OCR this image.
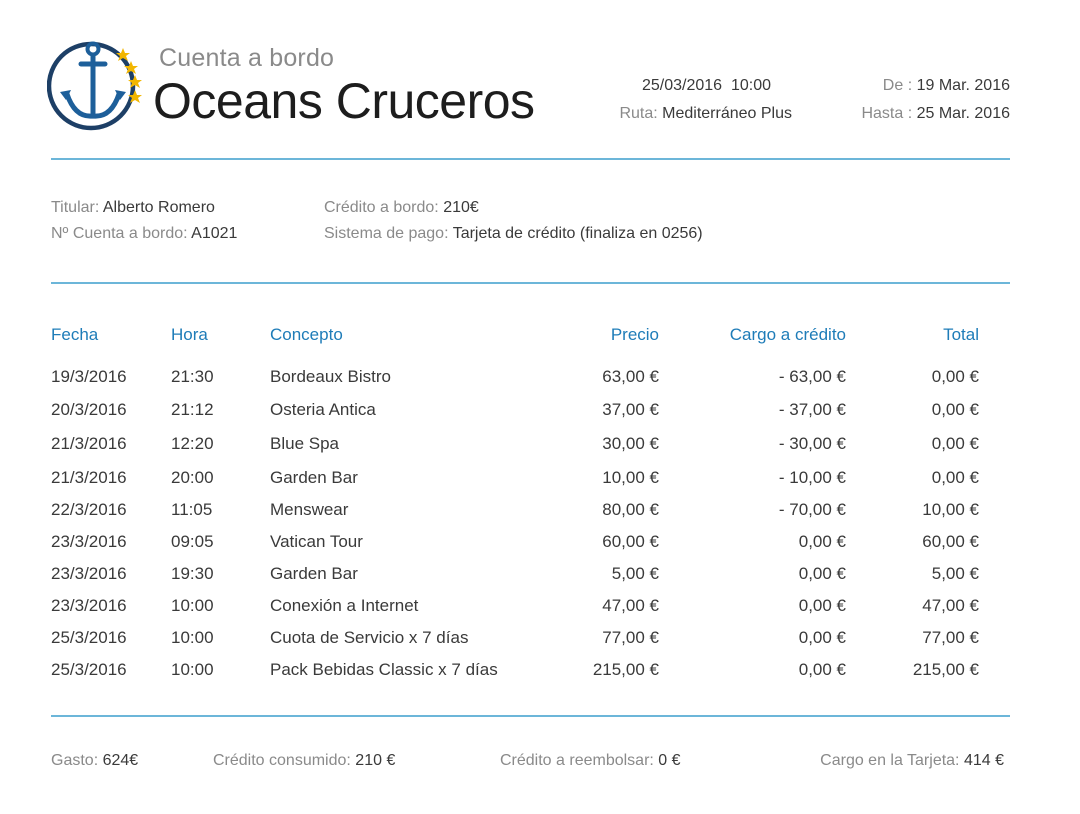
Cuenta a bordo
Oceans Cruceros	25/03/2016  10:00
Ruta: Mediterráneo Plus
De : 19 Mar. 2016
Hasta : 25 Mar. 2016
Titular: Alberto Romero
Nº Cuenta a bordo: A1021
Crédito a bordo: 210€
Sistema de pago: Tarjeta de crédito (finaliza en 0256)
Fecha	Hora	Concepto	Precio	Cargo a crédito	Total
19/3/2016	21:30	Bordeaux Bistro	63,00 €	- 63,00 €	0,00 €
20/3/2016	21:12	Osteria Antica	37,00 €	- 37,00 €	0,00 €
21/3/2016	12:20	Blue Spa	30,00 €	- 30,00 €	0,00 €
21/3/2016	20:00	Garden Bar	10,00 €	- 10,00 €	0,00 €
22/3/2016	11:05	Menswear	80,00 €	- 70,00 €	10,00 €
23/3/2016	09:05	Vatican Tour	60,00 €	0,00 €	60,00 €
23/3/2016	19:30	Garden Bar	5,00 €	0,00 €	5,00 €
23/3/2016	10:00	Conexión a Internet	47,00 €	0,00 €	47,00 €
25/3/2016	10:00	Cuota de Servicio x 7 días	77,00 €	0,00 €	77,00 €
25/3/2016	10:00	Pack Bebidas Classic x 7 días	215,00 €	0,00 €	215,00 €
Gasto: 624€	Crédito consumido: 210 €	Crédito a reembolsar: 0 €	Cargo en la Tarjeta: 414 €
